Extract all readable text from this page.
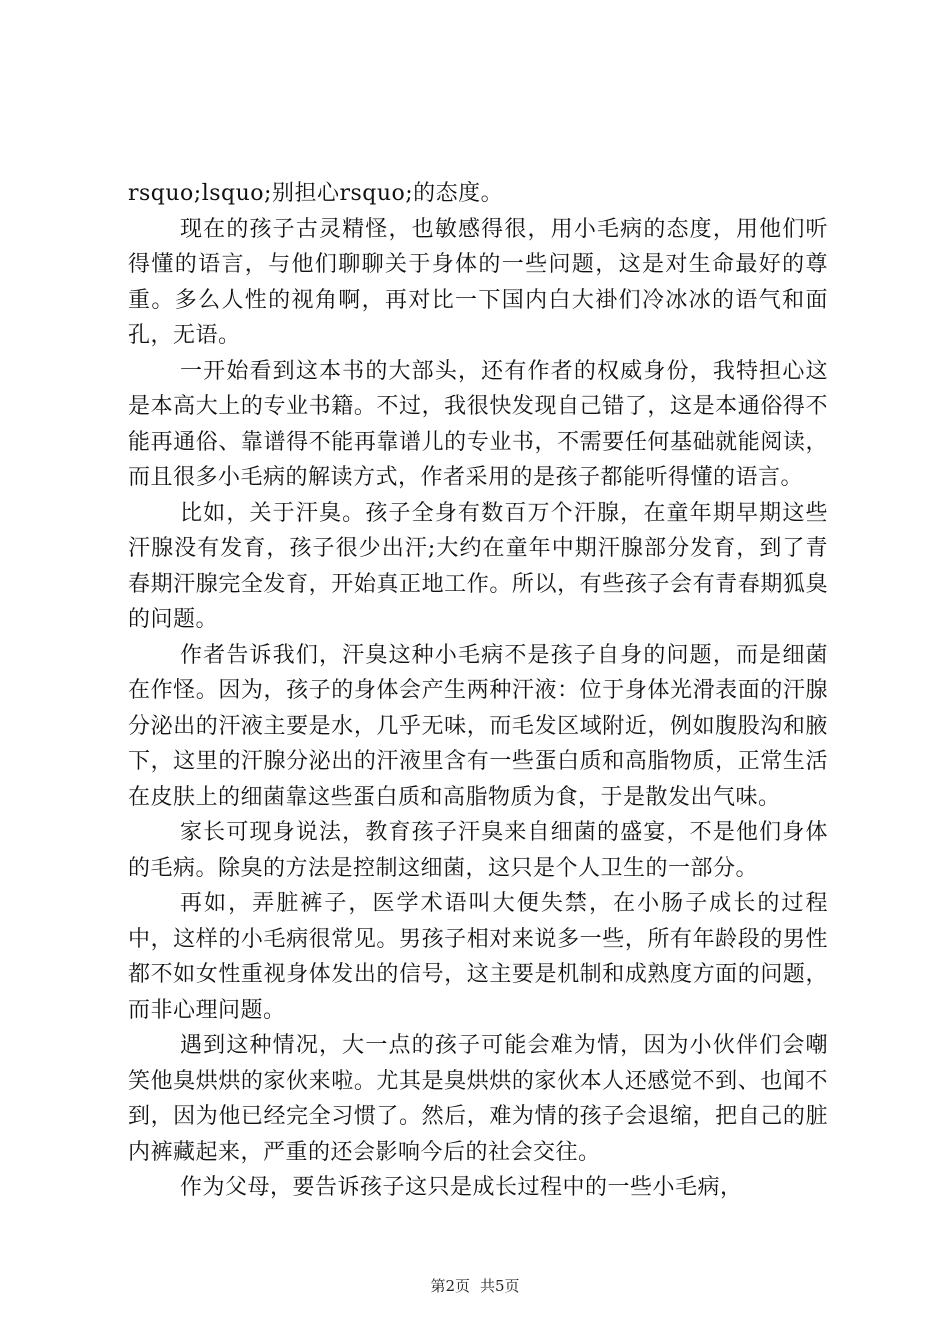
rsquo;lsquo;别担心rsquo;的态度。

现在的孩子古灵精怪，也敏感得很，用小毛病的态度，用他们听得懂的语言，与他们聊聊关于身体的一些问题，这是对生命最好的尊重。多么人性的视角啊，再对比一下国内白大褂们冷冰冰的语气和面孔，无语。

一开始看到这本书的大部头，还有作者的权威身份，我特担心这是本高大上的专业书籍。不过，我很快发现自己错了，这是本通俗得不能再通俗、靠谱得不能再靠谱儿的专业书，不需要任何基础就能阅读，而且很多小毛病的解读方式，作者采用的是孩子都能听得懂的语言。

比如，关于汗臭。孩子全身有数百万个汗腺，在童年期早期这些汗腺没有发育，孩子很少出汗;大约在童年中期汗腺部分发育，到了青春期汗腺完全发育，开始真正地工作。所以，有些孩子会有青春期狐臭的问题。

作者告诉我们，汗臭这种小毛病不是孩子自身的问题，而是细菌在作怪。因为，孩子的身体会产生两种汗液：位于身体光滑表面的汗腺分泌出的汗液主要是水，几乎无味，而毛发区域附近，例如腹股沟和腋下，这里的汗腺分泌出的汗液里含有一些蛋白质和高脂物质，正常生活在皮肤上的细菌靠这些蛋白质和高脂物质为食，于是散发出气味。

家长可现身说法，教育孩子汗臭来自细菌的盛宴，不是他们身体的毛病。除臭的方法是控制这细菌，这只是个人卫生的一部分。

再如，弄脏裤子，医学术语叫大便失禁，在小肠子成长的过程中，这样的小毛病很常见。男孩子相对来说多一些，所有年龄段的男性都不如女性重视身体发出的信号，这主要是机制和成熟度方面的问题，而非心理问题。

遇到这种情况，大一点的孩子可能会难为情，因为小伙伴们会嘲笑他臭烘烘的家伙来啦。尤其是臭烘烘的家伙本人还感觉不到、也闻不到，因为他已经完全习惯了。然后，难为情的孩子会退缩，把自己的脏内裤藏起来，严重的还会影响今后的社会交往。

作为父母，要告诉孩子这只是成长过程中的一些小毛病，

第2页 共5页
